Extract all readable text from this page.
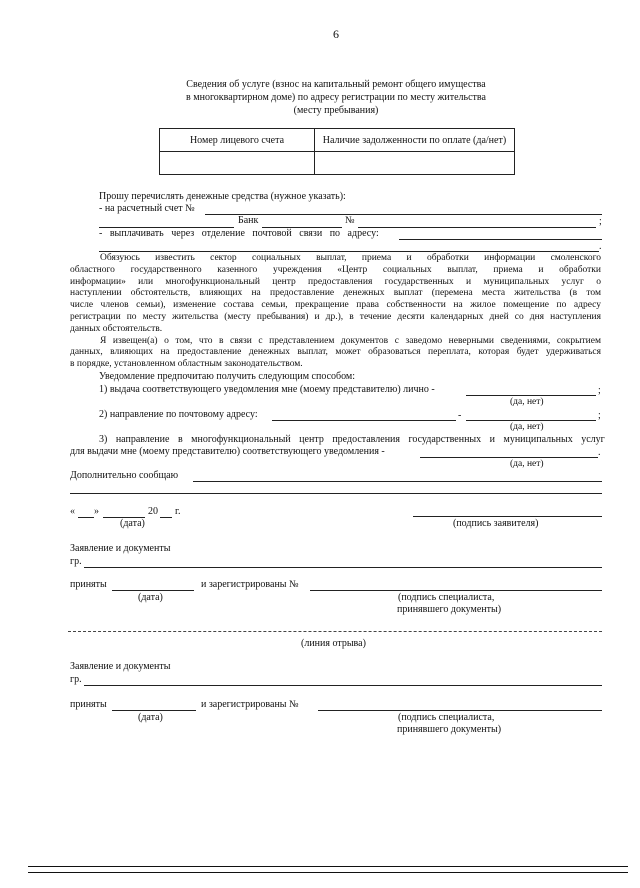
6
Сведения об услуге (взнос на капитальный ремонт общего имущества
в многоквартирном доме) по адресу регистрации по месту жительства
(месту пребывания)
Номер лицевого счета	Наличие задолженности по оплате (да/нет)

Прошу перечислять денежные средства (нужное указать):
- на расчетный счет №
Банк	№	;
- выплачивать через отделение почтовой связи по адресу:
.
Обязуюсь известить сектор социальных выплат, приема и обработки информации смоленского
областного государственного казенного учреждения «Центр социальных выплат, приема и обработки
информации» или многофункциональный центр предоставления государственных и муниципальных услуг о
наступлении обстоятельств, влияющих на предоставление денежных выплат (перемена места жительства (в том
числе членов семьи), изменение состава семьи, прекращение права собственности на жилое помещение по адресу
регистрации по месту жительства (месту пребывания) и др.), в течение десяти календарных дней со дня наступления
данных обстоятельств.
Я извещен(а) о том, что в связи с представлением документов с заведомо неверными сведениями, сокрытием
данных, влияющих на предоставление денежных выплат, может образоваться переплата, которая будет удерживаться
в порядке, установленном областным законодательством.
Уведомление предпочитаю получить следующим способом:
1) выдача соответствующего уведомления мне (моему представителю) лично -	;
(да, нет)
2) направление по почтовому адресу:	-	;
(да, нет)
3) направление в многофункциональный центр предоставления государственных и муниципальных услуг
для выдачи мне (моему представителю) соответствующего уведомления -	.
(да, нет)
Дополнительно сообщаю
« »	20 г.
(дата)	(подпись заявителя)
Заявление и документы
гр.
приняты	и зарегистрированы №
(дата)	(подпись специалиста,
принявшего документы)
(линия отрыва)
Заявление и документы
гр.
приняты	и зарегистрированы №
(дата)	(подпись специалиста,
принявшего документы)
